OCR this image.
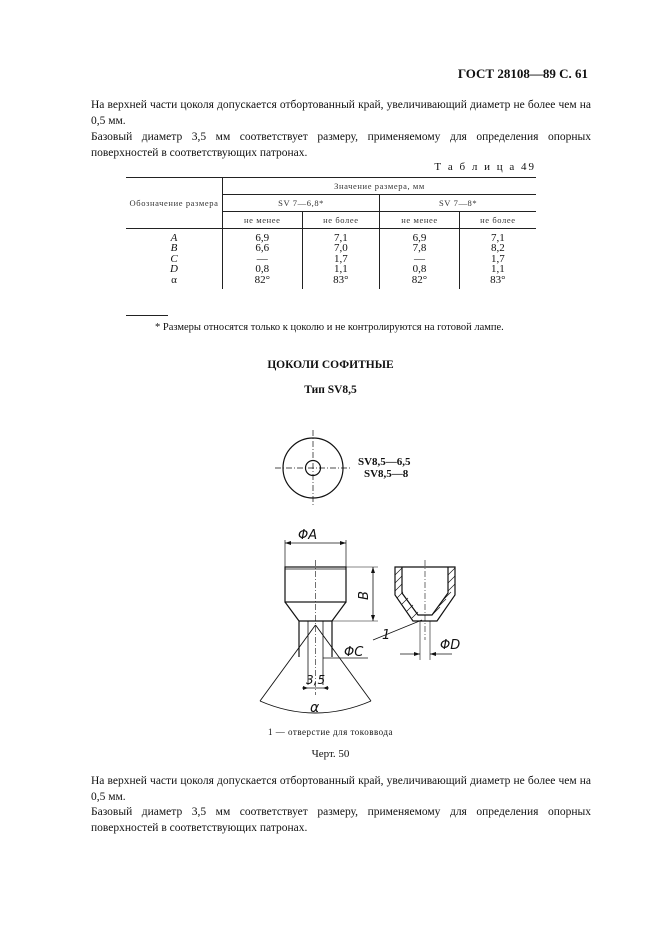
ГОСТ 28108—89 С. 61
На верхней части цоколя допускается отбортованный край, увеличивающий диаметр не более чем на 0,5 мм.
Базовый диаметр 3,5 мм соответствует размеру, применяемому для определения опорных поверхностей в соответствующих патронах.
Т а б л и ц а 49
Обозначение размера	Значение размера, мм			
	SV 7—6,8*		SV 7—8*	
	не менее	не более	не менее	не более

A	6,9	7,1	6,9	7,1
B	6,6	7,0	7,8	8,2
C	—	1,7	—	1,7
D	0,8	1,1	0,8	1,1
α	82°	83°	82°	83°

* Размеры относятся только к цоколю и не контролируются на готовой лампе.
ЦОКОЛИ СОФИТНЫЕ
Тип SV8,5
SV8,5—6,5
SV8,5—8
ΦA
B
ΦC
3,5
α
1
ΦD
1 — отверстие для токоввода
Черт. 50
На верхней части цоколя допускается отбортованный край, увеличивающий диаметр не более чем на 0,5 мм.
Базовый диаметр 3,5 мм соответствует размеру, применяемому для определения опорных поверхностей в соответствующих патронах.
